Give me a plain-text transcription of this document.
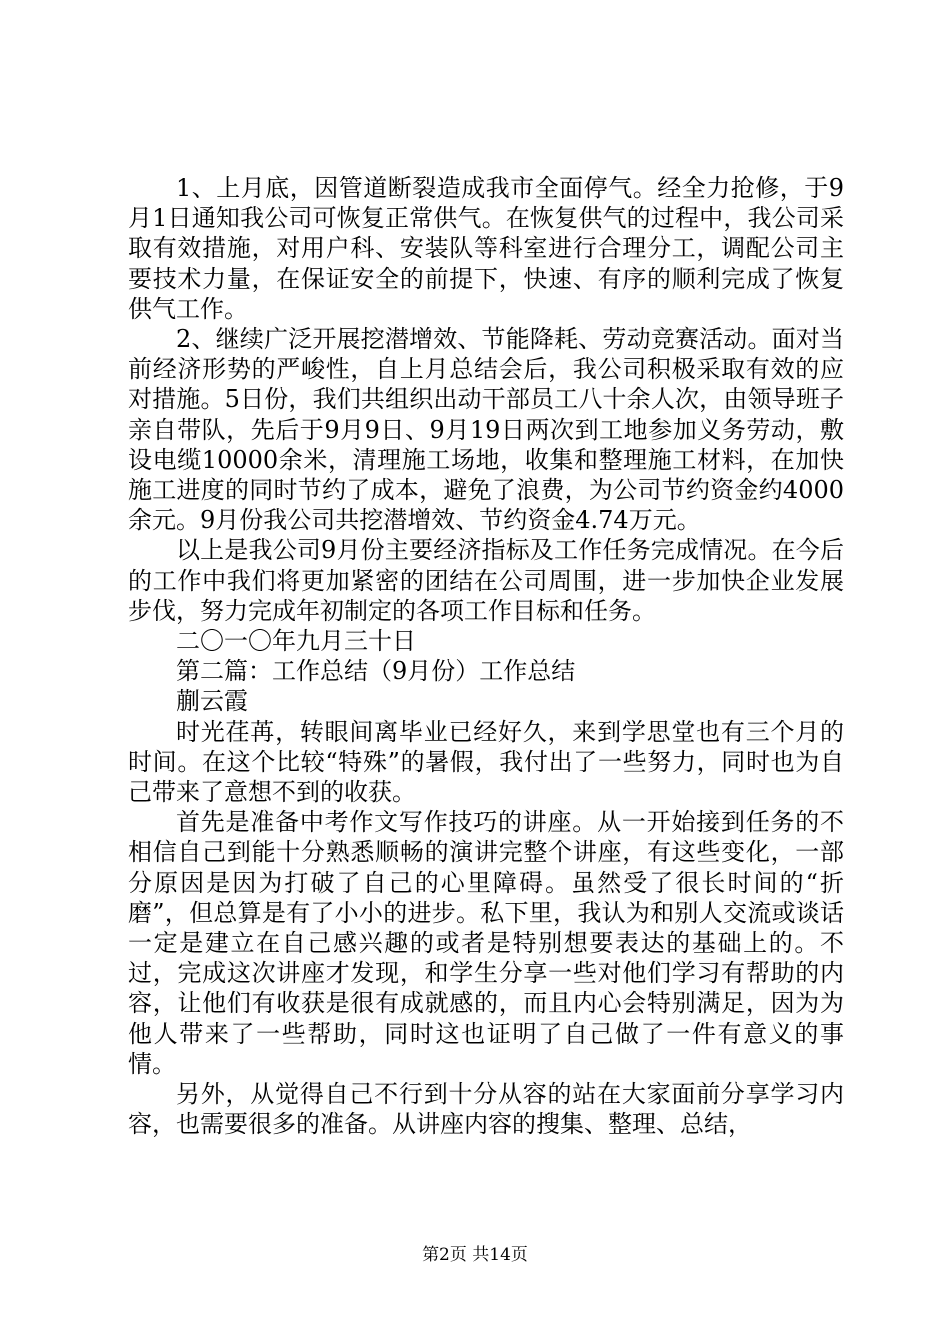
1、上月底，因管道断裂造成我市全面停气。经全力抢修，于9月1日通知我公司可恢复正常供气。在恢复供气的过程中，我公司采取有效措施，对用户科、安装队等科室进行合理分工，调配公司主要技术力量，在保证安全的前提下，快速、有序的顺利完成了恢复供气工作。

2、继续广泛开展挖潜增效、节能降耗、劳动竞赛活动。面对当前经济形势的严峻性，自上月总结会后，我公司积极采取有效的应对措施。5日份，我们共组织出动干部员工八十余人次，由领导班子亲自带队，先后于9月9日、9月19日两次到工地参加义务劳动，敷设电缆10000余米，清理施工场地，收集和整理施工材料，在加快施工进度的同时节约了成本，避免了浪费，为公司节约资金约4000余元。9月份我公司共挖潜增效、节约资金4.74万元。

以上是我公司9月份主要经济指标及工作任务完成情况。在今后的工作中我们将更加紧密的团结在公司周围，进一步加快企业发展步伐，努力完成年初制定的各项工作目标和任务。

二〇一〇年九月三十日

第二篇：工作总结（9月份）工作总结

蒯云霞

时光荏苒，转眼间离毕业已经好久，来到学思堂也有三个月的时间。在这个比较“特殊”的暑假，我付出了一些努力，同时也为自己带来了意想不到的收获。

首先是准备中考作文写作技巧的讲座。从一开始接到任务的不相信自己到能十分熟悉顺畅的演讲完整个讲座，有这些变化，一部分原因是因为打破了自己的心里障碍。虽然受了很长时间的“折磨”，但总算是有了小小的进步。私下里，我认为和别人交流或谈话一定是建立在自己感兴趣的或者是特别想要表达的基础上的。不过，完成这次讲座才发现，和学生分享一些对他们学习有帮助的内容，让他们有收获是很有成就感的，而且内心会特别满足，因为为他人带来了一些帮助，同时这也证明了自己做了一件有意义的事情。

另外，从觉得自己不行到十分从容的站在大家面前分享学习内容，也需要很多的准备。从讲座内容的搜集、整理、总结，

第2页 共14页
